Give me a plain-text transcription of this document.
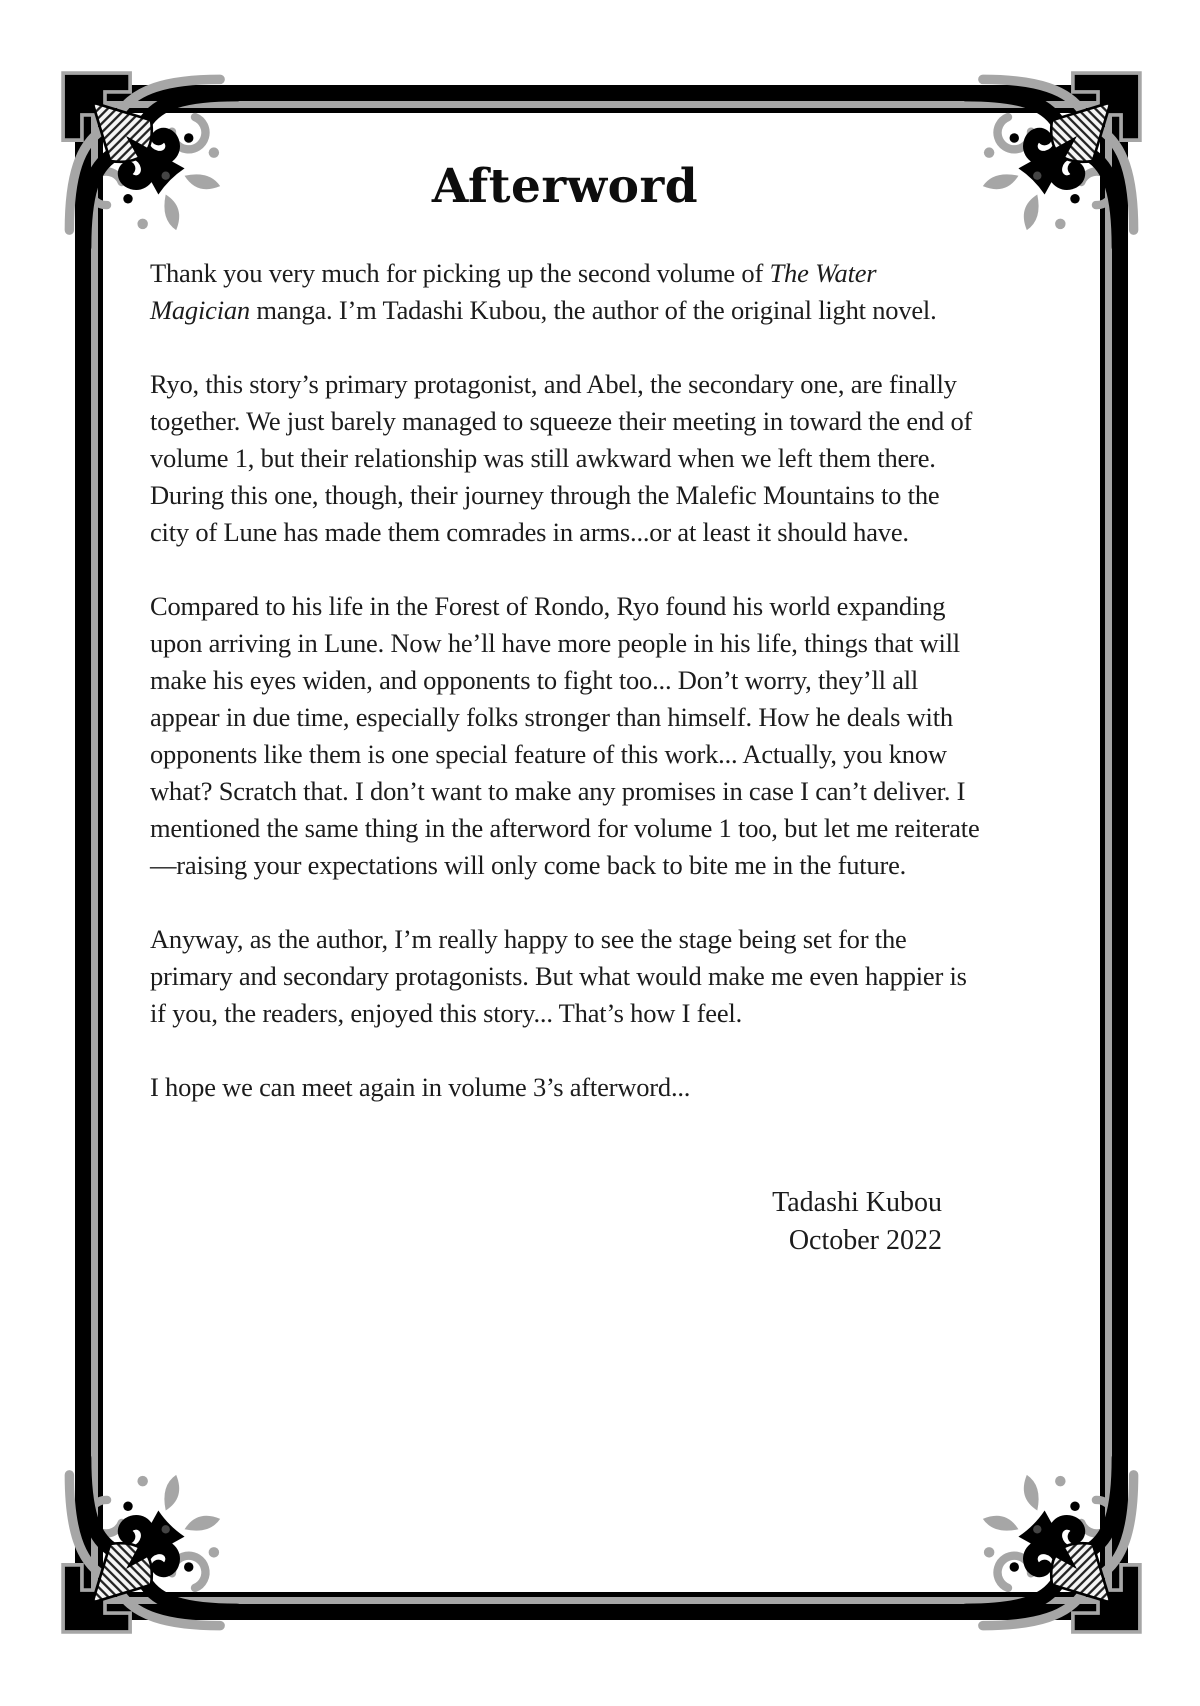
Afterword

Thank you very much for picking up the second volume of The Water Magician manga. I’m Tadashi Kubou, the author of the original light novel.

Ryo, this story’s primary protagonist, and Abel, the secondary one, are finally together. We just barely managed to squeeze their meeting in toward the end of volume 1, but their relationship was still awkward when we left them there. During this one, though, their journey through the Malefic Mountains to the city of Lune has made them comrades in arms...or at least it should have.

Compared to his life in the Forest of Rondo, Ryo found his world expanding upon arriving in Lune. Now he’ll have more people in his life, things that will make his eyes widen, and opponents to fight too... Don’t worry, they’ll all appear in due time, especially folks stronger than himself. How he deals with opponents like them is one special feature of this work... Actually, you know what? Scratch that. I don’t want to make any promises in case I can’t deliver. I mentioned the same thing in the afterword for volume 1 too, but let me reiterate—raising your expectations will only come back to bite me in the future.

Anyway, as the author, I’m really happy to see the stage being set for the primary and secondary protagonists. But what would make me even happier is if you, the readers, enjoyed this story... That’s how I feel.

I hope we can meet again in volume 3’s afterword...

Tadashi Kubou
October 2022
